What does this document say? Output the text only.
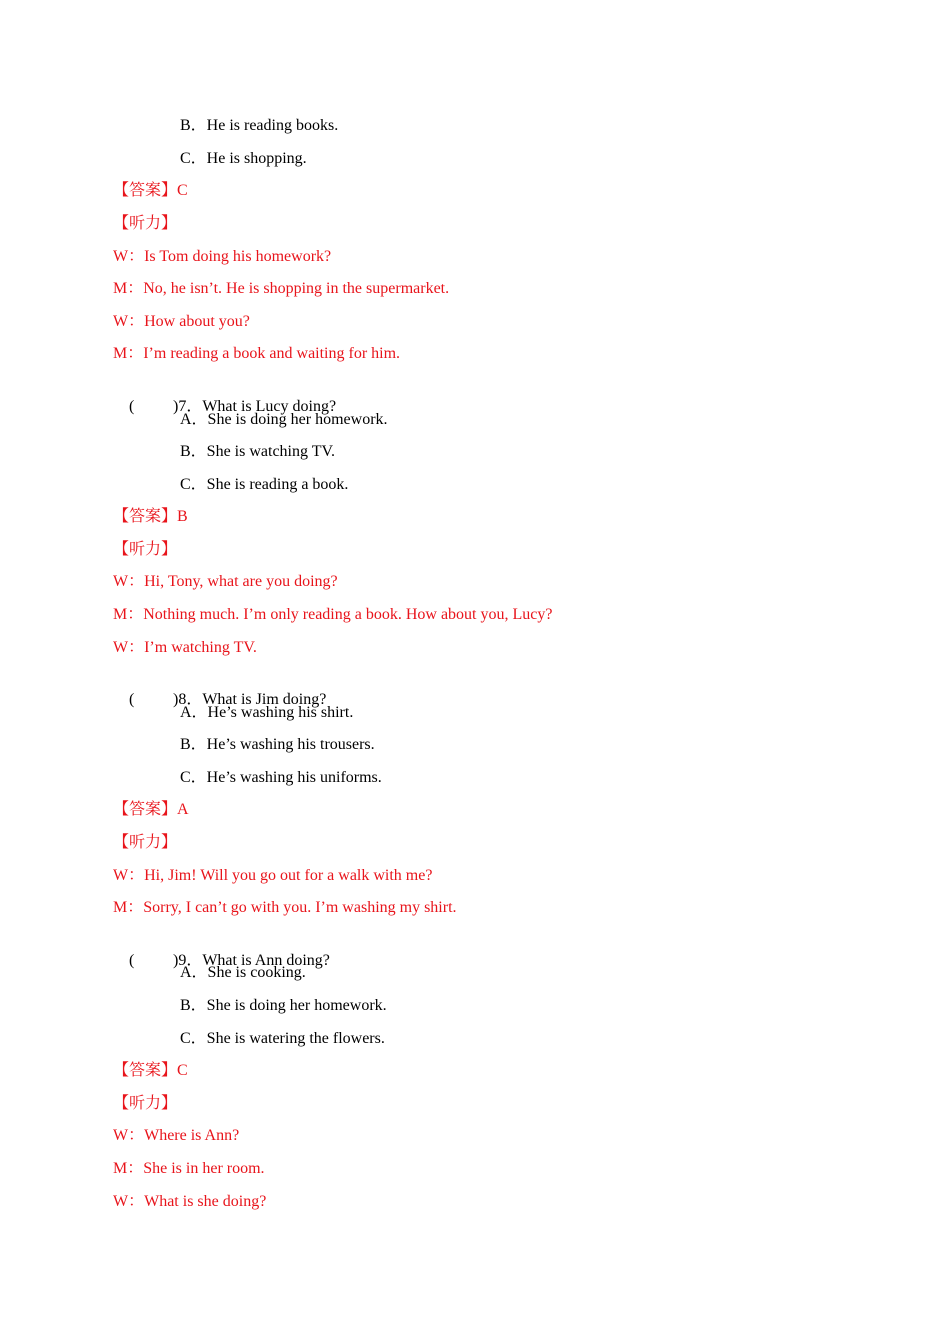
B．He is reading books.
C．He is shopping.
【答案】C
【听力】
W：Is Tom doing his homework?
M：No, he isn’t. He is shopping in the supermarket.
W：How about you?
M：I’m reading a book and waiting for him.

( )7．What is Lucy doing?

A．She is doing her homework.
B．She is watching TV.
C．She is reading a book.
【答案】B
【听力】
W：Hi, Tony, what are you doing?
M：Nothing much. I’m only reading a book. How about you, Lucy?
W：I’m watching TV.

( )8．What is Jim doing?

A．He’s washing his shirt.
B．He’s washing his trousers.
C．He’s washing his uniforms.
【答案】A
【听力】
W：Hi, Jim! Will you go out for a walk with me?
M：Sorry, I can’t go with you. I’m washing my shirt.

( )9．What is Ann doing?

A．She is cooking.
B．She is doing her homework.
C．She is watering the flowers.
【答案】C
【听力】
W：Where is Ann?
M：She is in her room.
W：What is she doing?
